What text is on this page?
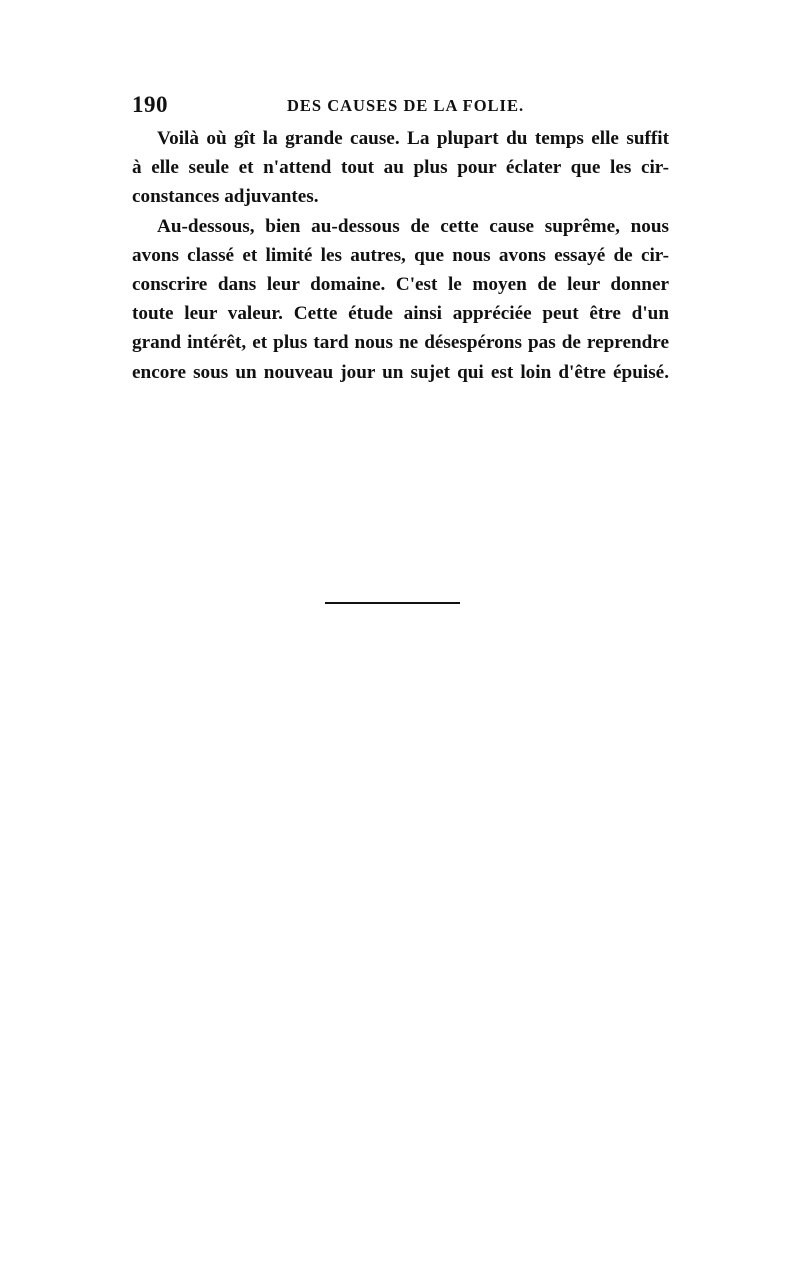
190	DES CAUSES DE LA FOLIE.
Voilà où gît la grande cause. La plupart du temps elle suffit
à elle seule et n'attend tout au plus pour éclater que les cir-
constances adjuvantes.
Au-dessous, bien au-dessous de cette cause suprême, nous
avons classé et limité les autres, que nous avons essayé de cir-
conscrire dans leur domaine. C'est le moyen de leur donner
toute leur valeur. Cette étude ainsi appréciée peut être d'un
grand intérêt, et plus tard nous ne désespérons pas de reprendre
encore sous un nouveau jour un sujet qui est loin d'être épuisé.
